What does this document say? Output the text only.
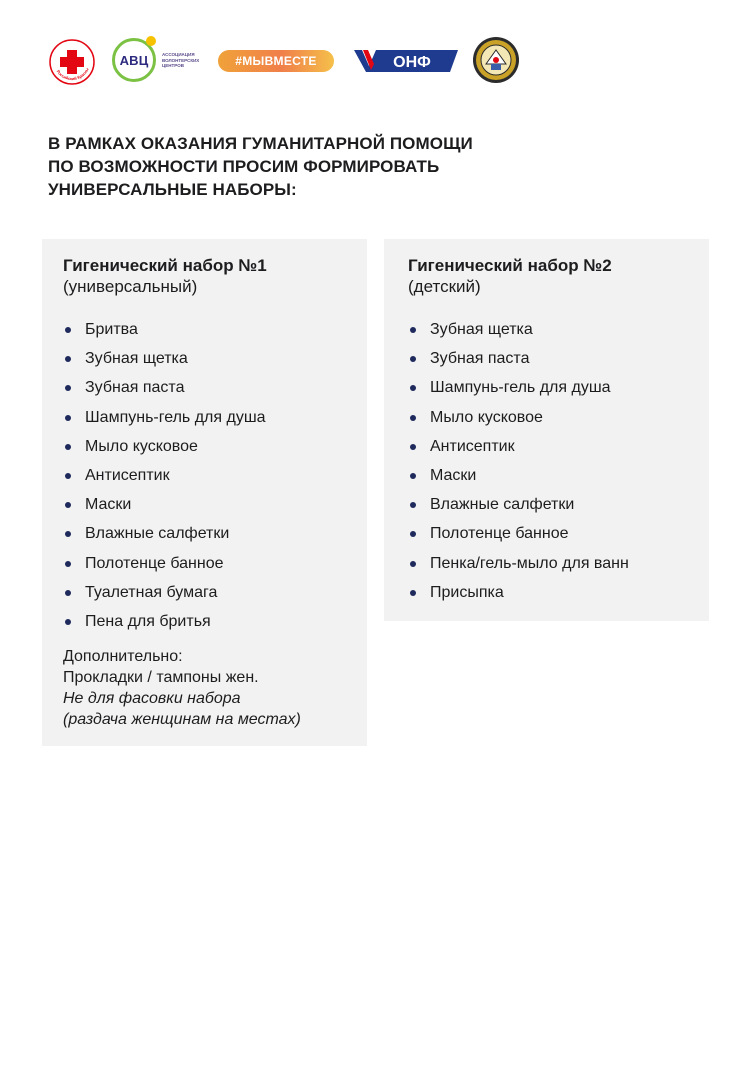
Российский Красны
АВЦ	АССОЦИАЦИЯ ВОЛОНТЕРСКИХ ЦЕНТРОВ	#МЫВМЕСТЕ	ОНФ
В РАМКАХ ОКАЗАНИЯ ГУМАНИТАРНОЙ ПОМОЩИ
ПО ВОЗМОЖНОСТИ ПРОСИМ ФОРМИРОВАТЬ
УНИВЕРСАЛЬНЫЕ НАБОРЫ:
Гигенический набор №1

(универсальный)

Бритва
Зубная щетка
Зубная паста
Шампунь-гель для душа
Мыло кусковое
Антисептик
Маски
Влажные салфетки
Полотенце банное
Туалетная бумага
Пена для бритья
Дополнительно:
Прокладки / тампоны жен.
Не для фасовки набора
(раздача женщинам на местах)
Гигенический набор №2

(детский)

Зубная щетка
Зубная паста
Шампунь-гель для душа
Мыло кусковое
Антисептик
Маски
Влажные салфетки
Полотенце банное
Пенка/гель-мыло для ванн
Присыпка
